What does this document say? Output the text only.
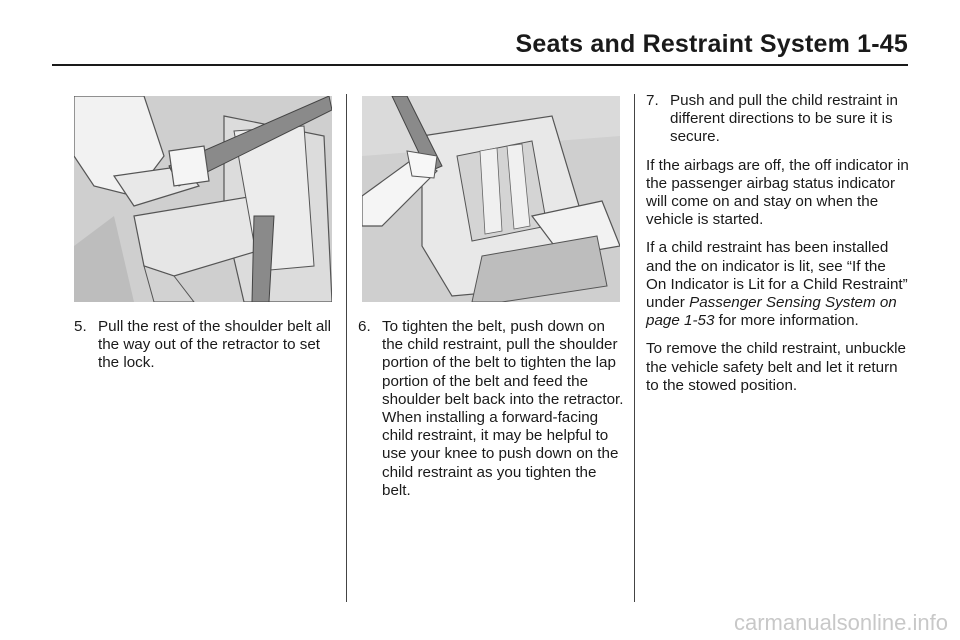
Seats and Restraint System 1-45
5. Pull the rest of the shoulder belt all the way out of the retractor to set the lock.
6. To tighten the belt, push down on the child restraint, pull the shoulder portion of the belt to tighten the lap portion of the belt and feed the shoulder belt back into the retractor. When installing a forward-facing child restraint, it may be helpful to use your knee to push down on the child restraint as you tighten the belt.
7. Push and pull the child restraint in different directions to be sure it is secure.

If the airbags are off, the off indicator in the passenger airbag status indicator will come on and stay on when the vehicle is started.

If a child restraint has been installed and the on indicator is lit, see “If the On Indicator is Lit for a Child Restraint” under Passenger Sensing System on page 1-53 for more information.

To remove the child restraint, unbuckle the vehicle safety belt and let it return to the stowed position.

carmanualsonline.info
